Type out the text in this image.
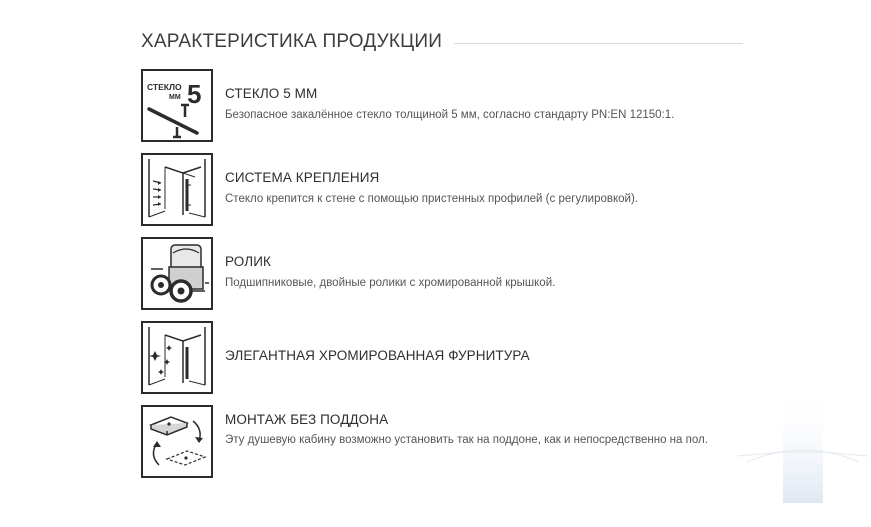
ХАРАКТЕРИСТИКА ПРОДУКЦИИ
СТЕКЛО
ММ 5 СТЕКЛО 5 ММ
Безопасное закалённое стекло толщиной 5 мм, согласно стандарту PN:EN 12150:1.
СИСТЕМА КРЕПЛЕНИЯ
Стекло крепится к стене с помощью пристенных профилей (с регулировкой).
РОЛИК
Подшипниковые, двойные ролики с хромированной крышкой.
ЭЛЕГАНТНАЯ ХРОМИРОВАННАЯ ФУРНИТУРА
МОНТАЖ БЕЗ ПОДДОНА
Эту душевую кабину возможно установить так на поддоне, как и непосредственно на пол.
